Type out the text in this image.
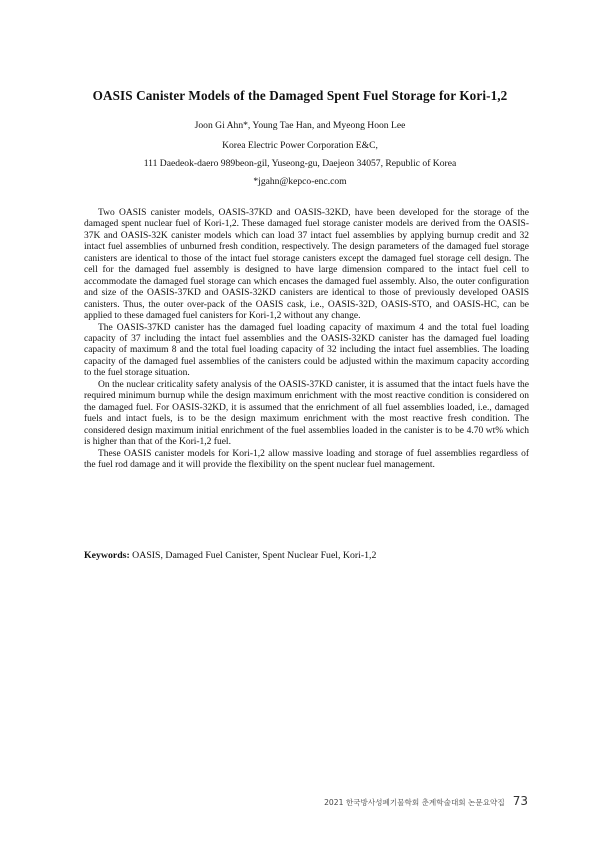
OASIS Canister Models of the Damaged Spent Fuel Storage for Kori-1,2
Joon Gi Ahn*, Young Tae Han, and Myeong Hoon Lee
Korea Electric Power Corporation E&C,
111 Daedeok-daero 989beon-gil, Yuseong-gu, Daejeon 34057, Republic of Korea
*jgahn@kepco-enc.com

Two OASIS canister models, OASIS-37KD and OASIS-32KD, have been developed for the storage of the damaged spent nuclear fuel of Kori-1,2. These damaged fuel storage canister models are derived from the OASIS-37K and OASIS-32K canister models which can load 37 intact fuel assemblies by applying burnup credit and 32 intact fuel assemblies of unburned fresh condition, respectively. The design parameters of the damaged fuel storage canisters are identical to those of the intact fuel storage canisters except the damaged fuel storage cell design. The cell for the damaged fuel assembly is designed to have large dimension compared to the intact fuel cell to accommodate the damaged fuel storage can which encases the damaged fuel assembly. Also, the outer configuration and size of the OASIS-37KD and OASIS-32KD canisters are identical to those of previously developed OASIS canisters. Thus, the outer over-pack of the OASIS cask, i.e., OASIS-32D, OASIS-STO, and OASIS-HC, can be applied to these damaged fuel canisters for Kori-1,2 without any change.

The OASIS-37KD canister has the damaged fuel loading capacity of maximum 4 and the total fuel loading capacity of 37 including the intact fuel assemblies and the OASIS-32KD canister has the damaged fuel loading capacity of maximum 8 and the total fuel loading capacity of 32 including the intact fuel assemblies. The loading capacity of the damaged fuel assemblies of the canisters could be adjusted within the maximum capacity according to the fuel storage situation.

On the nuclear criticality safety analysis of the OASIS-37KD canister, it is assumed that the intact fuels have the required minimum burnup while the design maximum enrichment with the most reactive condition is considered on the damaged fuel. For OASIS-32KD, it is assumed that the enrichment of all fuel assemblies loaded, i.e., damaged fuels and intact fuels, is to be the design maximum enrichment with the most reactive fresh condition. The considered design maximum initial enrichment of the fuel assemblies loaded in the canister is to be 4.70 wt% which is higher than that of the Kori-1,2 fuel.

These OASIS canister models for Kori-1,2 allow massive loading and storage of fuel assemblies regardless of the fuel rod damage and it will provide the flexibility on the spent nuclear fuel management.

Keywords: OASIS, Damaged Fuel Canister, Spent Nuclear Fuel, Kori-1,2
2021 한국방사성폐기물학회 춘계학술대회 논문요약집 73
